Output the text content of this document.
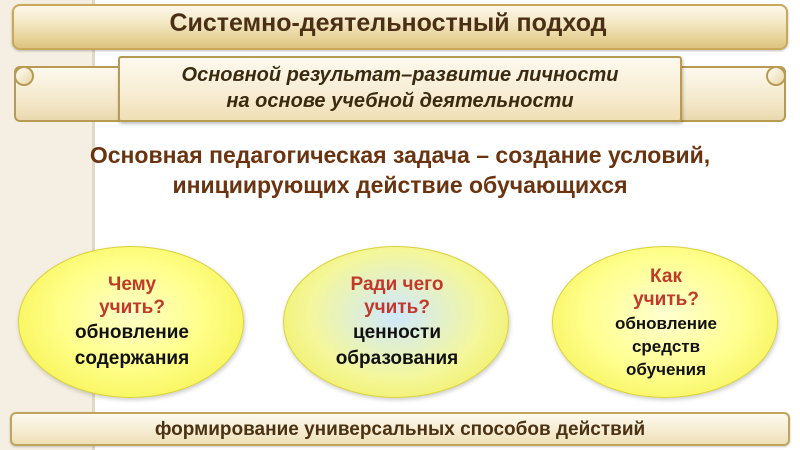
Системно-деятельностный подход
Основной результат–развитие личности
на основе учебной деятельности
Основная педагогическая задача – создание условий,
инициирующих действие обучающихся
Чему
учить?
обновление
содержания
Ради чего
учить?
ценности
образования
Как
учить?
обновление
средств
обучения
формирование универсальных способов действий
